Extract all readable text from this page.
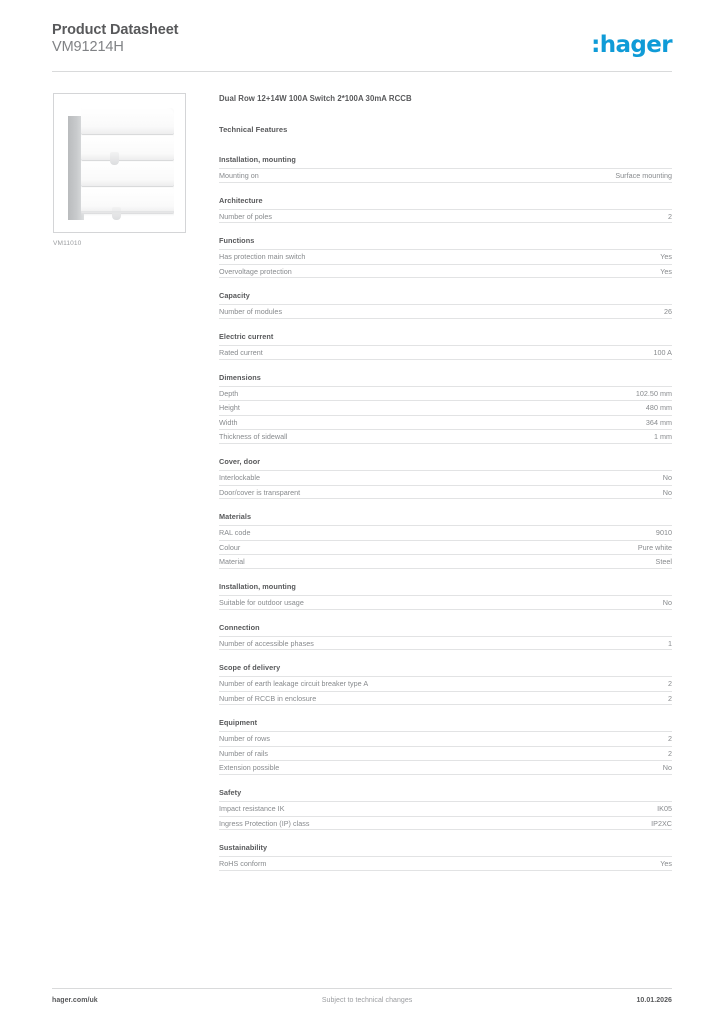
Product Datasheet
VM91214H	:hager
VM11010
Dual Row 12+14W 100A Switch 2*100A 30mA RCCB
Technical Features
Installation, mounting
Mounting on	Surface mounting
Architecture
Number of poles	2
Functions
Has protection main switch	Yes
Overvoltage protection	Yes
Capacity
Number of modules	26
Electric current
Rated current	100 A
Dimensions
Depth	102.50 mm
Height	480 mm
Width	364 mm
Thickness of sidewall	1 mm
Cover, door
Interlockable	No
Door/cover is transparent	No
Materials
RAL code	9010
Colour	Pure white
Material	Steel
Installation, mounting
Suitable for outdoor usage	No
Connection
Number of accessible phases	1
Scope of delivery
Number of earth leakage circuit breaker type A	2
Number of RCCB in enclosure	2
Equipment
Number of rows	2
Number of rails	2
Extension possible	No
Safety
Impact resistance IK	IK05
Ingress Protection (IP) class	IP2XC
Sustainability
RoHS conform	Yes
hager.com/uk	Subject to technical changes	10.01.2026
